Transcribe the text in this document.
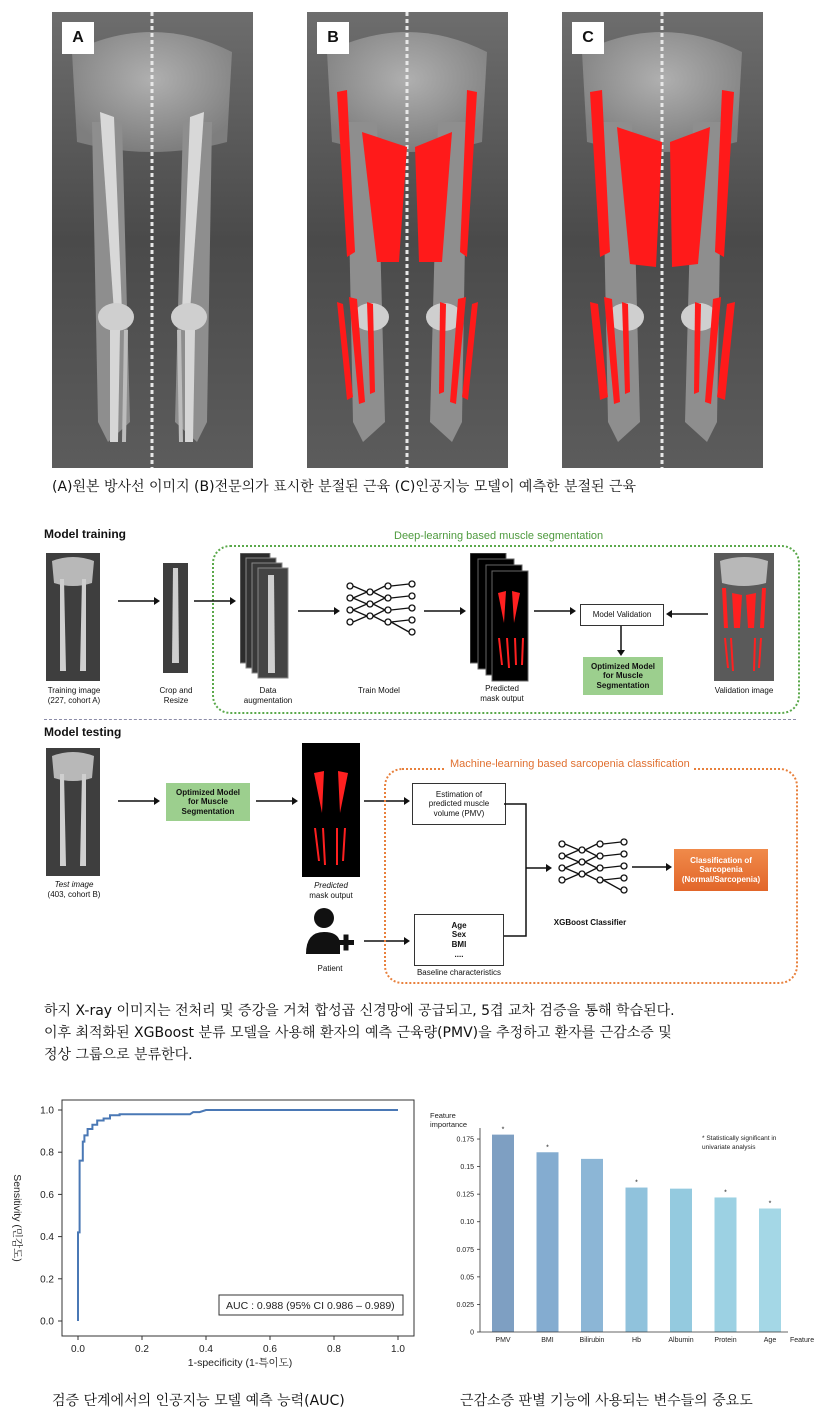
A	B	C
(A)원본 방사선 이미지 (B)전문의가 표시한 분절된 근육 (C)인공지능 모델이 예측한 분절된 근육
Model training	Deep-learning based muscle segmentation
Training image
(227, cohort A)
Crop and
Resize
Data
augmentation
Train Model	Predicted
mask output
Model Validation
Optimized Model
for Muscle
Segmentation
Validation image
Model testing
Test image
(403, cohort B)
Optimized Model
for Muscle
Segmentation
Predicted
mask output
Patient
Machine-learning based sarcopenia classification
Estimation of
predicted muscle
volume (PMV)
Age
Sex
BMI
....
Baseline characteristics
XGBoost Classifier
Classification of
Sarcopenia
(Normal/Sarcopenia)
하지 X-ray 이미지는 전처리 및 증강을 거쳐 합성곱 신경망에 공급되고, 5겹 교차 검증을 통해 학습된다.
이후 최적화된 XGBoost 분류 모델을 사용해 환자의 예측 근육량(PMV)을 추정하고 환자를 근감소증 및
정상 그룹으로 분류한다.
0.0
0.2
0.4
0.6
0.8
1.0
0.0	0.2	0.4	0.6	0.8	1.0
AUC : 0.988 (95% CI 0.986 – 0.989)
1-specificity (1-특이도)
Sensitivity (민감도)
검증 단계에서의 인공지능 모델 예측 능력(AUC)
Feature
importance
0
0.025
0.05
0.075
0.10
0.125
0.15
0.175
*
*
*
*
*
PMV	BMI	Bilirubin	Hb	Albumin	Protein	Age Feature
* Statistically significant in
univariate analysis
근감소증 판별 기능에 사용되는 변수들의 중요도
